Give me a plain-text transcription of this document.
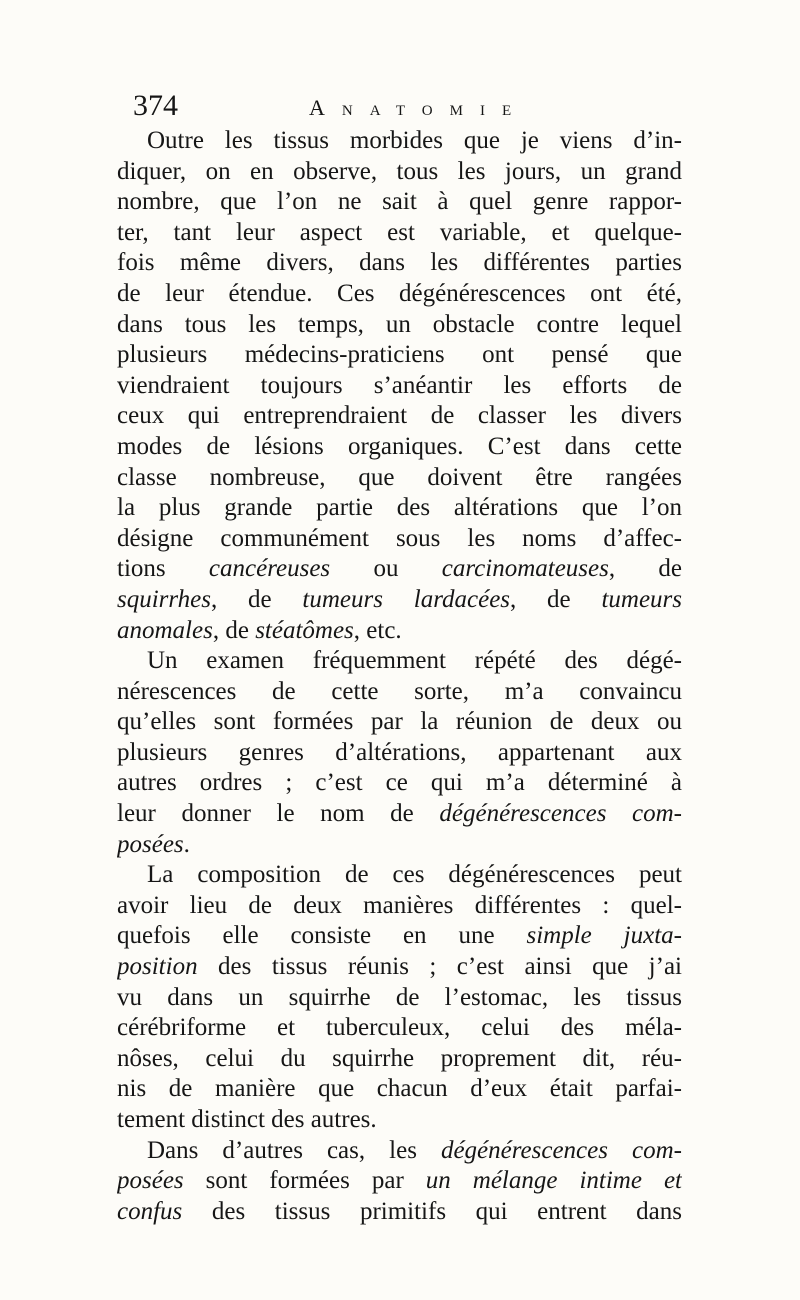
374	Anatomie
Outre les tissus morbides que je viens d’in-
diquer, on en observe, tous les jours, un grand
nombre, que l’on ne sait à quel genre rappor-
ter, tant leur aspect est variable, et quelque-
fois même divers, dans les différentes parties
de leur étendue. Ces dégénérescences ont été,
dans tous les temps, un obstacle contre lequel
plusieurs médecins-praticiens ont pensé que
viendraient toujours s’anéantir les efforts de
ceux qui entreprendraient de classer les divers
modes de lésions organiques. C’est dans cette
classe nombreuse, que doivent être rangées
la plus grande partie des altérations que l’on
désigne communément sous les noms d’affec-
tions cancéreuses ou carcinomateuses, de
squirrhes, de tumeurs lardacées, de tumeurs
anomales, de stéatômes, etc.
Un examen fréquemment répété des dégé-
nérescences de cette sorte, m’a convaincu
qu’elles sont formées par la réunion de deux ou
plusieurs genres d’altérations, appartenant aux
autres ordres ; c’est ce qui m’a déterminé à
leur donner le nom de dégénérescences com-
posées.
La composition de ces dégénérescences peut
avoir lieu de deux manières différentes : quel-
quefois elle consiste en une simple juxta-
position des tissus réunis ; c’est ainsi que j’ai
vu dans un squirrhe de l’estomac, les tissus
cérébriforme et tuberculeux, celui des méla-
nôses, celui du squirrhe proprement dit, réu-
nis de manière que chacun d’eux était parfai-
tement distinct des autres.
Dans d’autres cas, les dégénérescences com-
posées sont formées par un mélange intime et
confus des tissus primitifs qui entrent dans
